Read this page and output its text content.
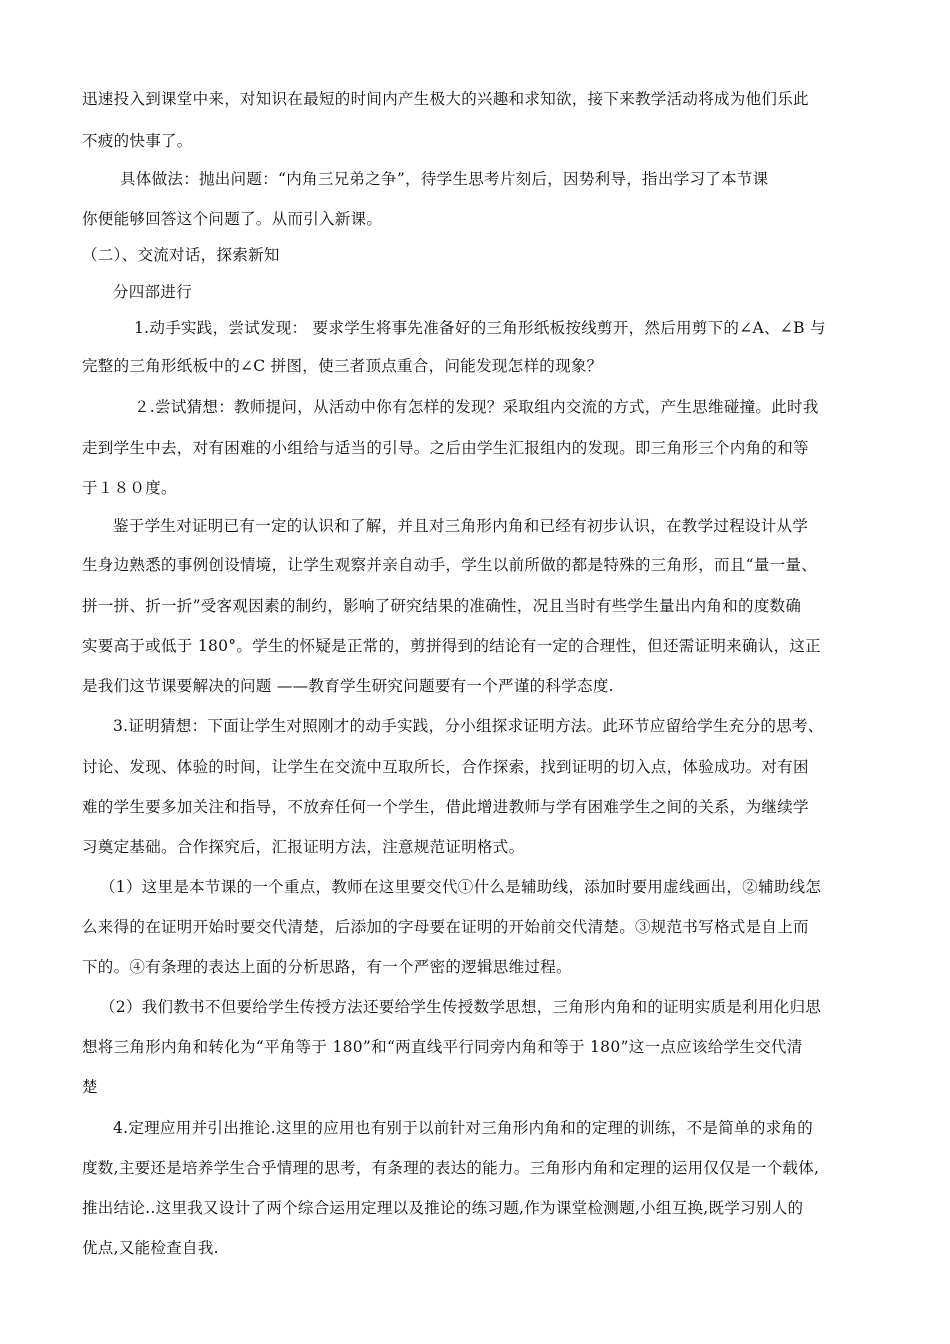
迅速投入到课堂中来，对知识在最短的时间内产生极大的兴趣和求知欲，接下来教学活动将成为他们乐此
不疲的快事了。
具体做法：抛出问题：“内角三兄弟之争”，待学生思考片刻后，因势利导，指出学习了本节课
你便能够回答这个问题了。从而引入新课。
（二）、交流对话，探索新知
分四部进行
1.动手实践，尝试发现： 要求学生将事先准备好的三角形纸板按线剪开，然后用剪下的∠A、∠B 与
完整的三角形纸板中的∠C 拼图，使三者顶点重合，问能发现怎样的现象？
２.尝试猜想：教师提问，从活动中你有怎样的发现？采取组内交流的方式，产生思维碰撞。此时我
走到学生中去，对有困难的小组给与适当的引导。之后由学生汇报组内的发现。即三角形三个内角的和等
于１８０度。
鉴于学生对证明已有一定的认识和了解，并且对三角形内角和已经有初步认识，在教学过程设计从学
生身边熟悉的事例创设情境，让学生观察并亲自动手，学生以前所做的都是特殊的三角形，而且“量一量、
拼一拼、折一折”受客观因素的制约，影响了研究结果的准确性，况且当时有些学生量出内角和的度数确
实要高于或低于 180°。学生的怀疑是正常的，剪拼得到的结论有一定的合理性，但还需证明来确认，这正
是我们这节课要解决的问题 ——教育学生研究问题要有一个严谨的科学态度.
3.证明猜想：下面让学生对照刚才的动手实践，分小组探求证明方法。此环节应留给学生充分的思考、
讨论、发现、体验的时间，让学生在交流中互取所长，合作探索，找到证明的切入点，体验成功。对有困
难的学生要多加关注和指导，不放弃任何一个学生，借此增进教师与学有困难学生之间的关系，为继续学
习奠定基础。合作探究后，汇报证明方法，注意规范证明格式。
（1）这里是本节课的一个重点，教师在这里要交代①什么是辅助线，添加时要用虚线画出，②辅助线怎
么来得的在证明开始时要交代清楚，后添加的字母要在证明的开始前交代清楚。③规范书写格式是自上而
下的。④有条理的表达上面的分析思路，有一个严密的逻辑思维过程。
（2）我们教书不但要给学生传授方法还要给学生传授数学思想，三角形内角和的证明实质是利用化归思
想将三角形内角和转化为“平角等于 180”和“两直线平行同旁内角和等于 180”这一点应该给学生交代清
楚
4.定理应用并引出推论.这里的应用也有别于以前针对三角形内角和的定理的训练，不是简单的求角的
度数,主要还是培养学生合乎情理的思考，有条理的表达的能力。三角形内角和定理的运用仅仅是一个载体,
推出结论..这里我又设计了两个综合运用定理以及推论的练习题,作为课堂检测题,小组互换,既学习别人的
优点,又能检查自我.
